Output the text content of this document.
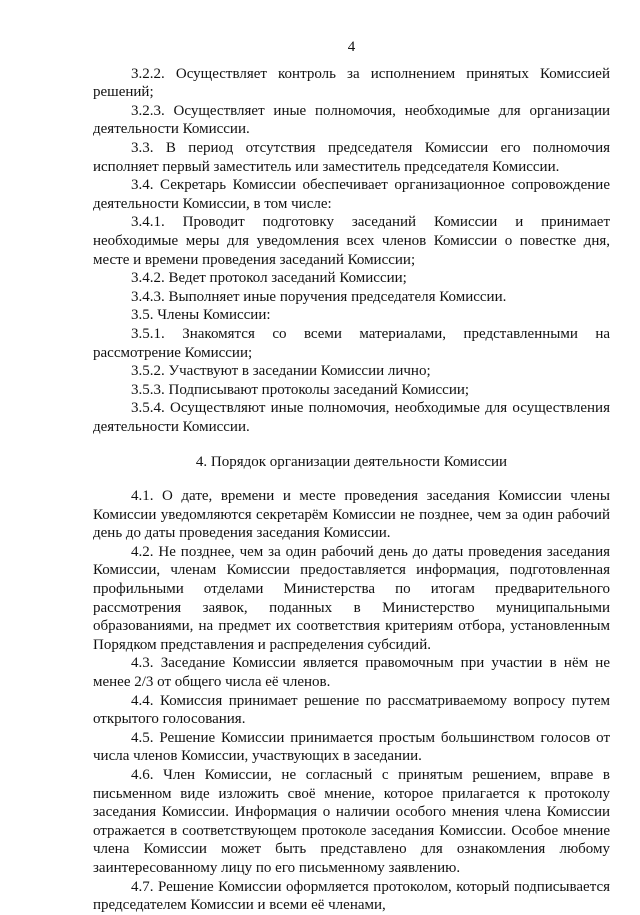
4

3.2.2. Осуществляет контроль за исполнением принятых Комиссией решений;

3.2.3. Осуществляет иные полномочия, необходимые для организации деятельности Комиссии.

3.3. В период отсутствия председателя Комиссии его полномочия исполняет первый заместитель или заместитель председателя Комиссии.

3.4. Секретарь Комиссии обеспечивает организационное сопровождение деятельности Комиссии, в том числе:

3.4.1. Проводит подготовку заседаний Комиссии и принимает необходимые меры для уведомления всех членов Комиссии о повестке дня, месте и времени проведения заседаний Комиссии;

3.4.2. Ведет протокол заседаний Комиссии;

3.4.3. Выполняет иные поручения председателя Комиссии.

3.5. Члены Комиссии:

3.5.1. Знакомятся со всеми материалами, представленными на рассмотрение Комиссии;

3.5.2. Участвуют в заседании Комиссии лично;

3.5.3. Подписывают протоколы заседаний Комиссии;

3.5.4. Осуществляют иные полномочия, необходимые для осуществления деятельности Комиссии.

4. Порядок организации деятельности Комиссии

4.1. О дате, времени и месте проведения заседания Комиссии члены Комиссии уведомляются секретарём Комиссии не позднее, чем за один рабочий день до даты проведения заседания Комиссии.

4.2. Не позднее, чем за один рабочий день до даты проведения заседания Комиссии, членам Комиссии предоставляется информация, подготовленная профильными отделами Министерства по итогам предварительного рассмотрения заявок, поданных в Министерство муниципальными образованиями, на предмет их соответствия критериям отбора, установленным Порядком представления и распределения субсидий.

4.3. Заседание Комиссии является правомочным при участии в нём не менее 2/3 от общего числа её членов.

4.4. Комиссия принимает решение по рассматриваемому вопросу путем открытого голосования.

4.5. Решение Комиссии принимается простым большинством голосов от числа членов Комиссии, участвующих в заседании.

4.6. Член Комиссии, не согласный с принятым решением, вправе в письменном виде изложить своё мнение, которое прилагается к протоколу заседания Комиссии. Информация о наличии особого мнения члена Комиссии отражается в соответствующем протоколе заседания Комиссии. Особое мнение члена Комиссии может быть представлено для ознакомления любому заинтересованному лицу по его письменному заявлению.

4.7. Решение Комиссии оформляется протоколом, который подписывается председателем Комиссии и всеми её членами,
